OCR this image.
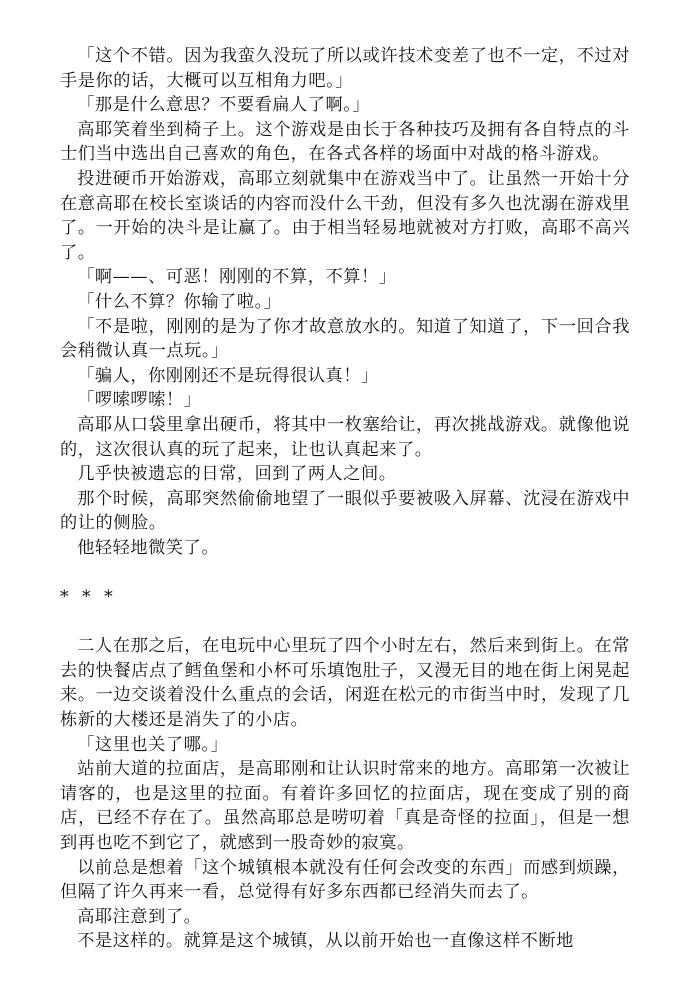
「这个不错。因为我蛮久没玩了所以或许技术变差了也不一定，不过对手是你的话，大概可以互相角力吧。」

「那是什么意思？不要看扁人了啊。」

高耶笑着坐到椅子上。这个游戏是由长于各种技巧及拥有各自特点的斗士们当中选出自己喜欢的角色，在各式各样的场面中对战的格斗游戏。

投进硬币开始游戏，高耶立刻就集中在游戏当中了。让虽然一开始十分在意高耶在校长室谈话的内容而没什么干劲，但没有多久也沈溺在游戏里了。一开始的决斗是让赢了。由于相当轻易地就被对方打败，高耶不高兴了。

「啊——、可恶！刚刚的不算，不算！」

「什么不算？你输了啦。」

「不是啦，刚刚的是为了你才故意放水的。知道了知道了，下一回合我会稍微认真一点玩。」

「骗人，你刚刚还不是玩得很认真！」

「啰嗦啰嗦！」

高耶从口袋里拿出硬币，将其中一枚塞给让，再次挑战游戏。就像他说的，这次很认真的玩了起来，让也认真起来了。

几乎快被遗忘的日常，回到了两人之间。

那个时候，高耶突然偷偷地望了一眼似乎要被吸入屏幕、沈浸在游戏中的让的侧脸。

他轻轻地微笑了。

* * *

二人在那之后，在电玩中心里玩了四个小时左右，然后来到街上。在常去的快餐店点了鳕鱼堡和小杯可乐填饱肚子，又漫无目的地在街上闲晃起来。一边交谈着没什么重点的会话，闲逛在松元的市街当中时，发现了几栋新的大楼还是消失了的小店。

「这里也关了哪。」

站前大道的拉面店，是高耶刚和让认识时常来的地方。高耶第一次被让请客的，也是这里的拉面。有着许多回忆的拉面店，现在变成了别的商店，已经不存在了。虽然高耶总是唠叨着「真是奇怪的拉面」，但是一想到再也吃不到它了，就感到一股奇妙的寂寞。

以前总是想着「这个城镇根本就没有任何会改变的东西」而感到烦躁，但隔了许久再来一看，总觉得有好多东西都已经消失而去了。

高耶注意到了。

不是这样的。就算是这个城镇，从以前开始也一直像这样不断地
